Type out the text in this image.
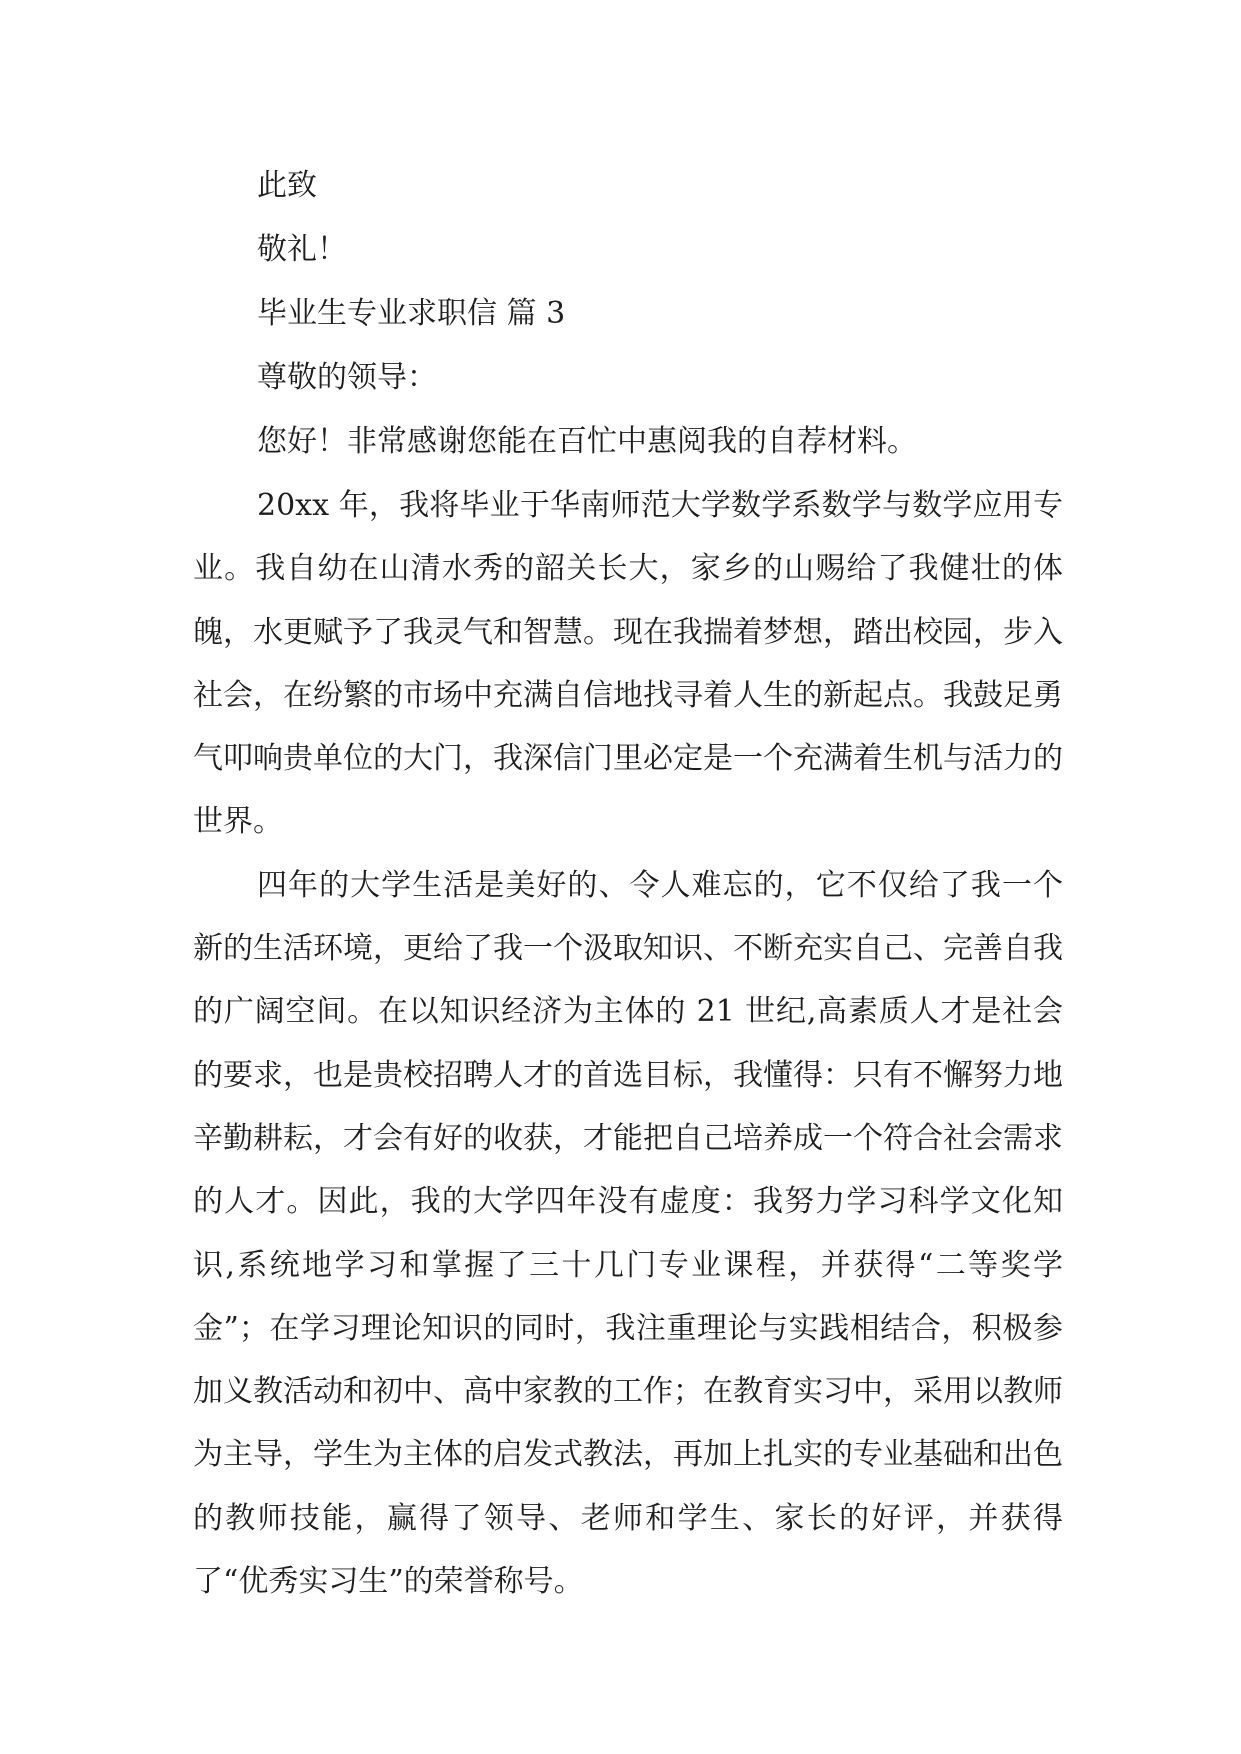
此致

敬礼！

毕业生专业求职信 篇 3

尊敬的领导：

您好！非常感谢您能在百忙中惠阅我的自荐材料。

20xx 年，我将毕业于华南师范大学数学系数学与数学应用专业。我自幼在山清水秀的韶关长大，家乡的山赐给了我健壮的体魄，水更赋予了我灵气和智慧。现在我揣着梦想，踏出校园，步入社会，在纷繁的市场中充满自信地找寻着人生的新起点。我鼓足勇气叩响贵单位的大门，我深信门里必定是一个充满着生机与活力的世界。

四年的大学生活是美好的、令人难忘的，它不仅给了我一个新的生活环境，更给了我一个汲取知识、不断充实自己、完善自我的广阔空间。在以知识经济为主体的 21 世纪,高素质人才是社会的要求，也是贵校招聘人才的首选目标，我懂得：只有不懈努力地辛勤耕耘，才会有好的收获，才能把自己培养成一个符合社会需求的人才。因此，我的大学四年没有虚度：我努力学习科学文化知识,系统地学习和掌握了三十几门专业课程，并获得“二等奖学金”；在学习理论知识的同时，我注重理论与实践相结合，积极参加义教活动和初中、高中家教的工作；在教育实习中，采用以教师为主导，学生为主体的启发式教法，再加上扎实的专业基础和出色的教师技能，赢得了领导、老师和学生、家长的好评，并获得了“优秀实习生”的荣誉称号。
